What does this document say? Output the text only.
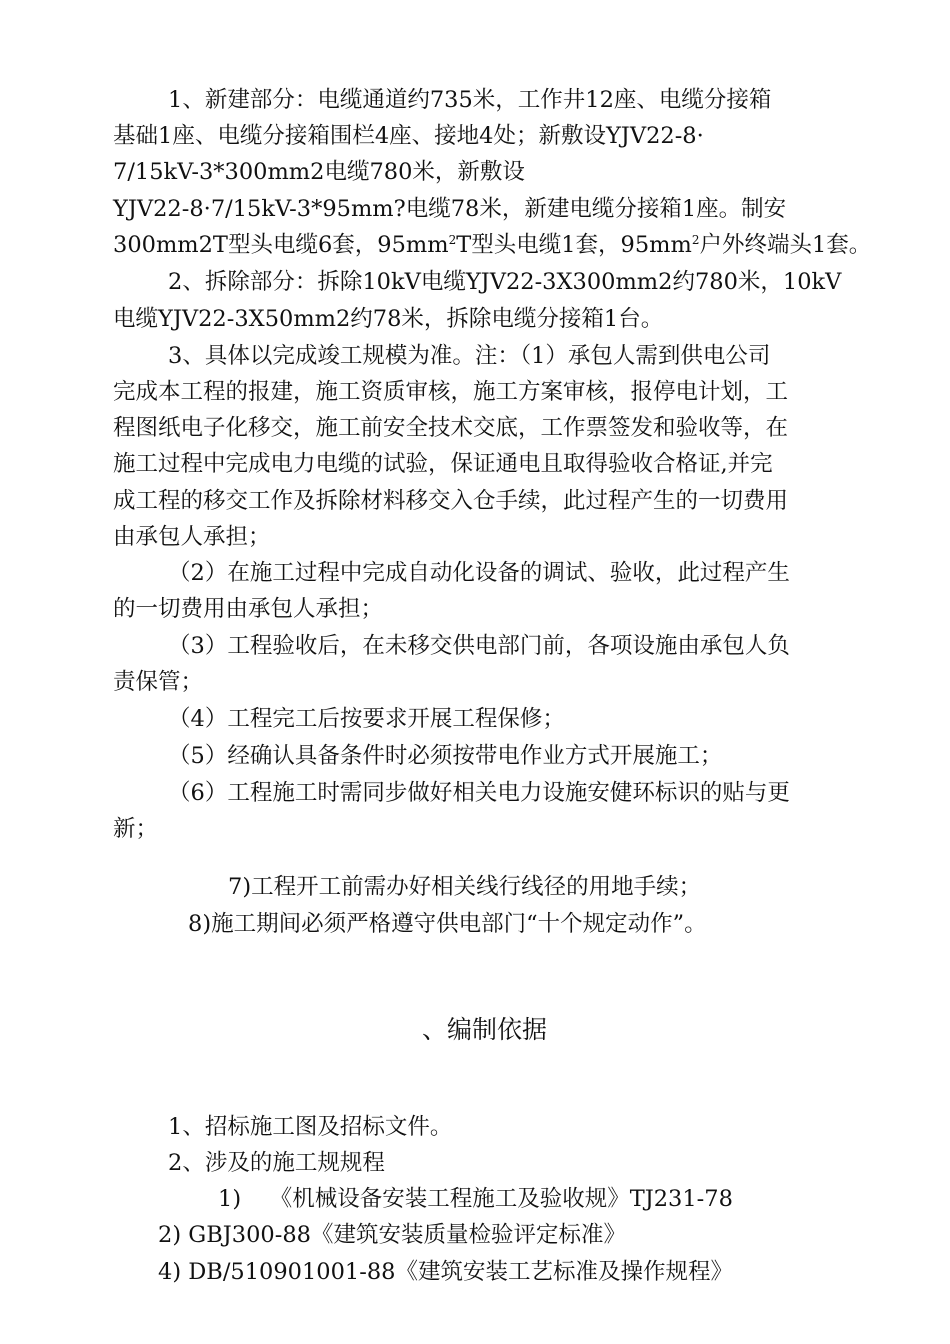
1、新建部分：电缆通道约735米，工作井12座、电缆分接箱
基础1座、电缆分接箱围栏4座、接地4处；新敷设YJV22-8·
7/15kV-3*300mm2电缆780米，新敷设
YJV22-8·7/15kV-3*95mm?电缆78米，新建电缆分接箱1座。制安
300mm2T型头电缆6套，$95mm^2T$型头电缆1套，$95mm^2$户外终端头1套。
2、拆除部分：拆除10kV电缆YJV22-3X300mm2约780米，10kV
电缆YJV22-3X50mm2约78米，拆除电缆分接箱1台。
3、具体以完成竣工规模为准。注：（1）承包人需到供电公司
完成本工程的报建，施工资质审核，施工方案审核，报停电计划，工
程图纸电子化移交，施工前安全技术交底，工作票签发和验收等，在
施工过程中完成电力电缆的试验，保证通电且取得验收合格证,并完
成工程的移交工作及拆除材料移交入仓手续，此过程产生的一切费用
由承包人承担；
（2）在施工过程中完成自动化设备的调试、验收，此过程产生
的一切费用由承包人承担；
（3）工程验收后，在未移交供电部门前，各项设施由承包人负
责保管；
（4）工程完工后按要求开展工程保修；
（5）经确认具备条件时必须按带电作业方式开展施工；
（6）工程施工时需同步做好相关电力设施安健环标识的贴与更
新；
7)工程开工前需办好相关线行线径的用地手续；
8)施工期间必须严格遵守供电部门“十个规定动作”。
、编制依据
1、招标施工图及招标文件。
2、涉及的施工规规程
1)    《机械设备安装工程施工及验收规》TJ231-78
2) GBJ300-88《建筑安装质量检验评定标准》
4) DB/510901001-88《建筑安装工艺标准及操作规程》
